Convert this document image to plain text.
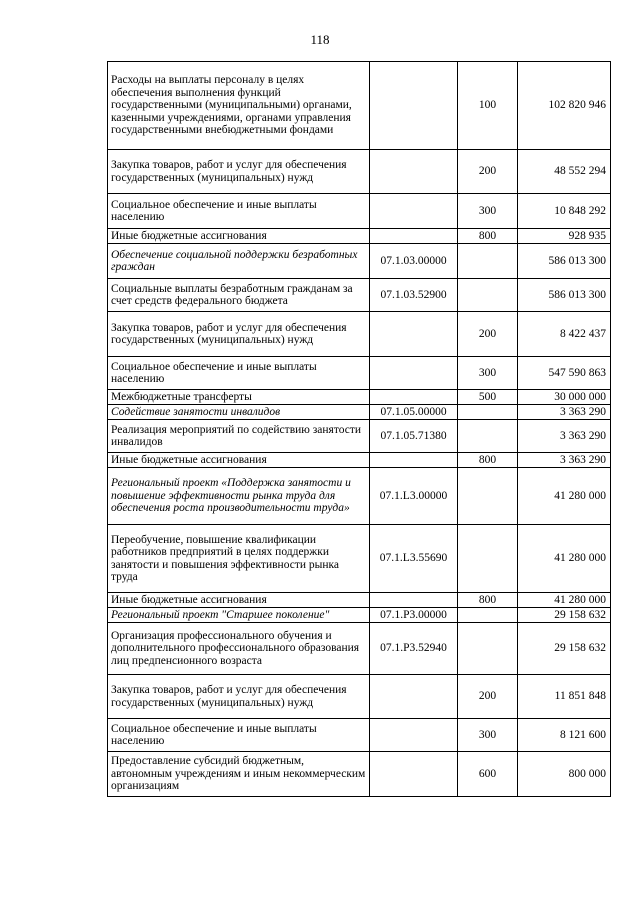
118
Расходы на выплаты персоналу в целях обеспечения выполнения функций государственными (муниципальными) органами, казенными учреждениями, органами управления государственными внебюджетными фондами		100	102 820 946
Закупка товаров, работ и услуг для обеспечения государственных (муниципальных) нужд		200	48 552 294
Социальное обеспечение и иные выплаты населению		300	10 848 292
Иные бюджетные ассигнования		800	928 935
Обеспечение социальной поддержки безработных граждан	07.1.03.00000		586 013 300
Социальные выплаты безработным гражданам за счет средств федерального бюджета	07.1.03.52900		586 013 300
Закупка товаров, работ и услуг для обеспечения государственных (муниципальных) нужд		200	8 422 437
Социальное обеспечение и иные выплаты населению		300	547 590 863
Межбюджетные трансферты		500	30 000 000
Содействие занятости инвалидов	07.1.05.00000		3 363 290
Реализация мероприятий по содействию занятости инвалидов	07.1.05.71380		3 363 290
Иные бюджетные ассигнования		800	3 363 290
Региональный проект «Поддержка занятости и повышение эффективности рынка труда для обеспечения роста производительности труда»	07.1.L3.00000		41 280 000
Переобучение, повышение квалификации работников предприятий в целях поддержки занятости и повышения эффективности рынка труда	07.1.L3.55690		41 280 000
Иные бюджетные ассигнования		800	41 280 000
Региональный проект "Старшее поколение"	07.1.P3.00000		29 158 632
Организация профессионального обучения и дополнительного профессионального образования лиц предпенсионного возраста	07.1.P3.52940		29 158 632
Закупка товаров, работ и услуг для обеспечения государственных (муниципальных) нужд		200	11 851 848
Социальное обеспечение и иные выплаты населению		300	8 121 600
Предоставление субсидий бюджетным, автономным учреждениям и иным некоммерческим организациям		600	800 000
